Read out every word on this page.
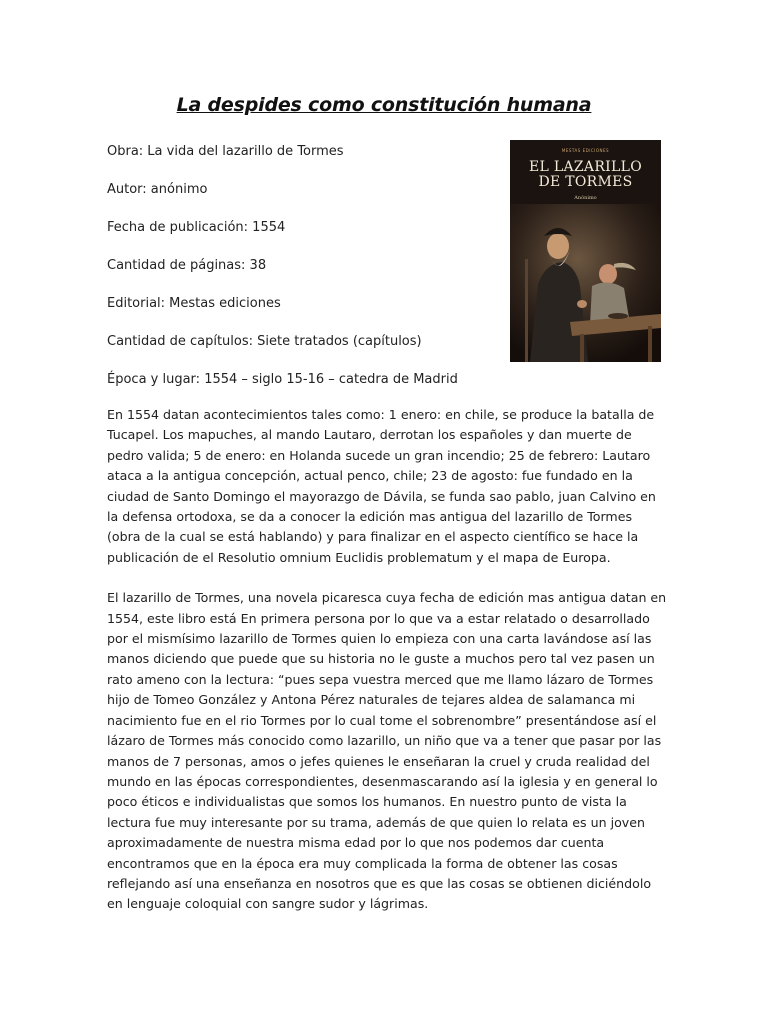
La despides como constitución humana
Obra: La vida del lazarillo de Tormes
Autor: anónimo
Fecha de publicación: 1554
Cantidad de páginas: 38
Editorial: Mestas ediciones
Cantidad de capítulos: Siete tratados (capítulos)
Época y lugar: 1554 – siglo 15-16 – catedra de Madrid
MESTAS EDICIONES
EL LAZARILLO
DE TORMES
Anónimo

En 1554 datan acontecimientos tales como: 1 enero: en chile, se produce la batalla de Tucapel. Los mapuches, al mando Lautaro, derrotan los españoles y dan muerte de pedro valida; 5 de enero: en Holanda sucede un gran incendio; 25 de febrero: Lautaro ataca a la antigua concepción, actual penco, chile; 23 de agosto: fue fundado en la ciudad de Santo Domingo el mayorazgo de Dávila, se funda sao pablo, juan Calvino en la defensa ortodoxa, se da a conocer la edición mas antigua del lazarillo de Tormes (obra de la cual se está hablando) y para finalizar en el aspecto científico se hace la publicación de el Resolutio omnium Euclidis problematum y el mapa de Europa.

El lazarillo de Tormes, una novela picaresca cuya fecha de edición mas antigua datan en 1554, este libro está En primera persona por lo que va a estar relatado o desarrollado por el mismísimo lazarillo de Tormes quien lo empieza con una carta lavándose así las manos diciendo que puede que su historia no le guste a muchos pero tal vez pasen un rato ameno con la lectura: “pues sepa vuestra merced que me llamo lázaro de Tormes hijo de Tomeo González y Antona Pérez naturales de tejares aldea de salamanca mi nacimiento fue en el rio Tormes por lo cual tome el sobrenombre” presentándose así el lázaro de Tormes más conocido como lazarillo, un niño que va a tener que pasar por las manos de 7 personas, amos o jefes quienes le enseñaran la cruel y cruda realidad del mundo en las épocas correspondientes, desenmascarando así la iglesia y en general lo poco éticos e individualistas que somos los humanos. En nuestro punto de vista la lectura fue muy interesante por su trama, además de que quien lo relata es un joven aproximadamente de nuestra misma edad por lo que nos podemos dar cuenta encontramos que en la época era muy complicada la forma de obtener las cosas reflejando así una enseñanza en nosotros que es que las cosas se obtienen diciéndolo en lenguaje coloquial con sangre sudor y lágrimas.
